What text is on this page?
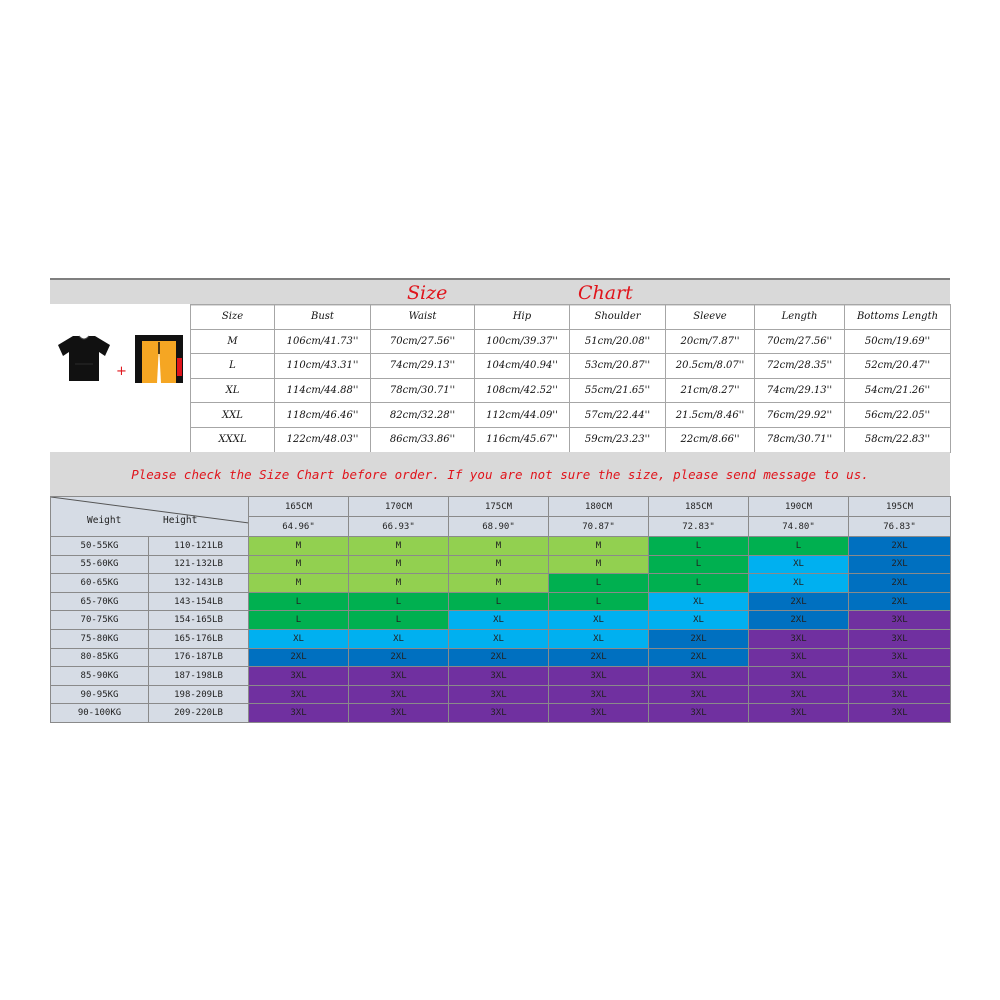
Size	Chart
+
Size	Bust	Waist	Hip	Shoulder	Sleeve	Length	Bottoms Length
M	106cm/41.73''	70cm/27.56''	100cm/39.37''	51cm/20.08''	20cm/7.87''	70cm/27.56''	50cm/19.69''
L	110cm/43.31''	74cm/29.13''	104cm/40.94''	53cm/20.87''	20.5cm/8.07''	72cm/28.35''	52cm/20.47''
XL	114cm/44.88''	78cm/30.71''	108cm/42.52''	55cm/21.65''	21cm/8.27''	74cm/29.13''	54cm/21.26''
XXL	118cm/46.46''	82cm/32.28''	112cm/44.09''	57cm/22.44''	21.5cm/8.46''	76cm/29.92''	56cm/22.05''
XXXL	122cm/48.03''	86cm/33.86''	116cm/45.67''	59cm/23.23''	22cm/8.66''	78cm/30.71''	58cm/22.83''
Please check the Size Chart before order. If you are not sure the size, please send message to us.
Weight Height		165CM	170CM	175CM	180CM	185CM	190CM	195CM
		64.96"	66.93"	68.90"	70.87"	72.83"	74.80"	76.83"
50-55KG	110-121LB	M	M	M	M	L	L	2XL
55-60KG	121-132LB	M	M	M	M	L	XL	2XL
60-65KG	132-143LB	M	M	M	L	L	XL	2XL
65-70KG	143-154LB	L	L	L	L	XL	2XL	2XL
70-75KG	154-165LB	L	L	XL	XL	XL	2XL	3XL
75-80KG	165-176LB	XL	XL	XL	XL	2XL	3XL	3XL
80-85KG	176-187LB	2XL	2XL	2XL	2XL	2XL	3XL	3XL
85-90KG	187-198LB	3XL	3XL	3XL	3XL	3XL	3XL	3XL
90-95KG	198-209LB	3XL	3XL	3XL	3XL	3XL	3XL	3XL
90-100KG	209-220LB	3XL	3XL	3XL	3XL	3XL	3XL	3XL
